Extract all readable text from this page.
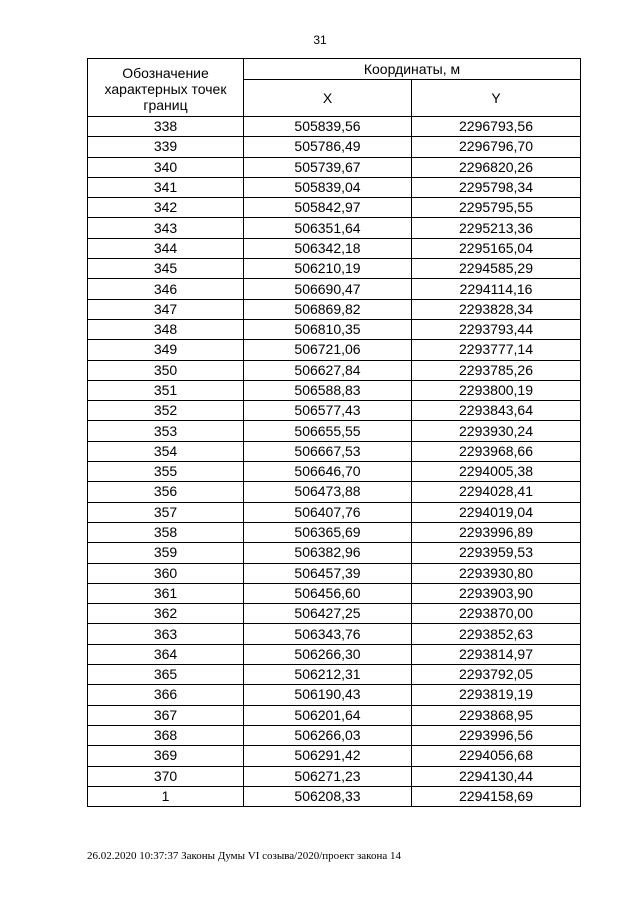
31
Обозначение характерных точек границ	Координаты, м	
	X	Y
338	505839,56	2296793,56
339	505786,49	2296796,70
340	505739,67	2296820,26
341	505839,04	2295798,34
342	505842,97	2295795,55
343	506351,64	2295213,36
344	506342,18	2295165,04
345	506210,19	2294585,29
346	506690,47	2294114,16
347	506869,82	2293828,34
348	506810,35	2293793,44
349	506721,06	2293777,14
350	506627,84	2293785,26
351	506588,83	2293800,19
352	506577,43	2293843,64
353	506655,55	2293930,24
354	506667,53	2293968,66
355	506646,70	2294005,38
356	506473,88	2294028,41
357	506407,76	2294019,04
358	506365,69	2293996,89
359	506382,96	2293959,53
360	506457,39	2293930,80
361	506456,60	2293903,90
362	506427,25	2293870,00
363	506343,76	2293852,63
364	506266,30	2293814,97
365	506212,31	2293792,05
366	506190,43	2293819,19
367	506201,64	2293868,95
368	506266,03	2293996,56
369	506291,42	2294056,68
370	506271,23	2294130,44
1	506208,33	2294158,69
26.02.2020 10:37:37 Законы Думы VI созыва/2020/проект закона 14
